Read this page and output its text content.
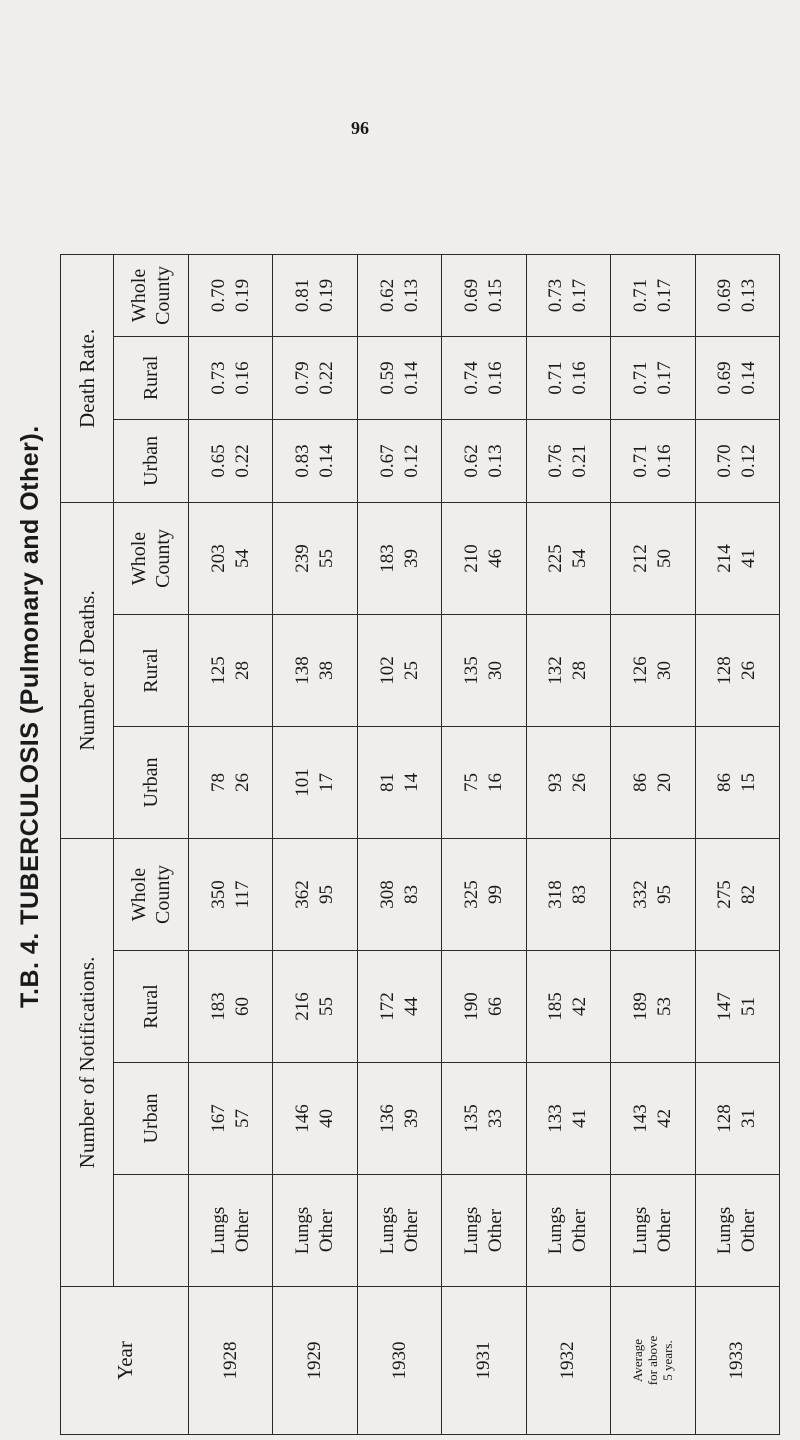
96
T.B. 4. TUBERCULOSIS (Pulmonary and Other).
Year	Number of Notifications.				Number of Deaths.			Death Rate.		
		Urban	Rural	Whole County	Urban	Rural	Whole County	Urban	Rural	Whole County

1928	Lungs Other	167 57	183 60	350 117	78 26	125 28	203 54	0.65 0.22	0.73 0.16	0.70 0.19

1929	Lungs Other	146 40	216 55	362 95	101 17	138 38	239 55	0.83 0.14	0.79 0.22	0.81 0.19

1930	Lungs Other	136 39	172 44	308 83	81 14	102 25	183 39	0.67 0.12	0.59 0.14	0.62 0.13

1931	Lungs Other	135 33	190 66	325 99	75 16	135 30	210 46	0.62 0.13	0.74 0.16	0.69 0.15

1932	Lungs Other	133 41	185 42	318 83	93 26	132 28	225 54	0.76 0.21	0.71 0.16	0.73 0.17

Average for above 5 years.	Lungs Other	143 42	189 53	332 95	86 20	126 30	212 50	0.71 0.16	0.71 0.17	0.71 0.17

1933	Lungs Other	128 31	147 51	275 82	86 15	128 26	214 41	0.70 0.12	0.69 0.14	0.69 0.13
